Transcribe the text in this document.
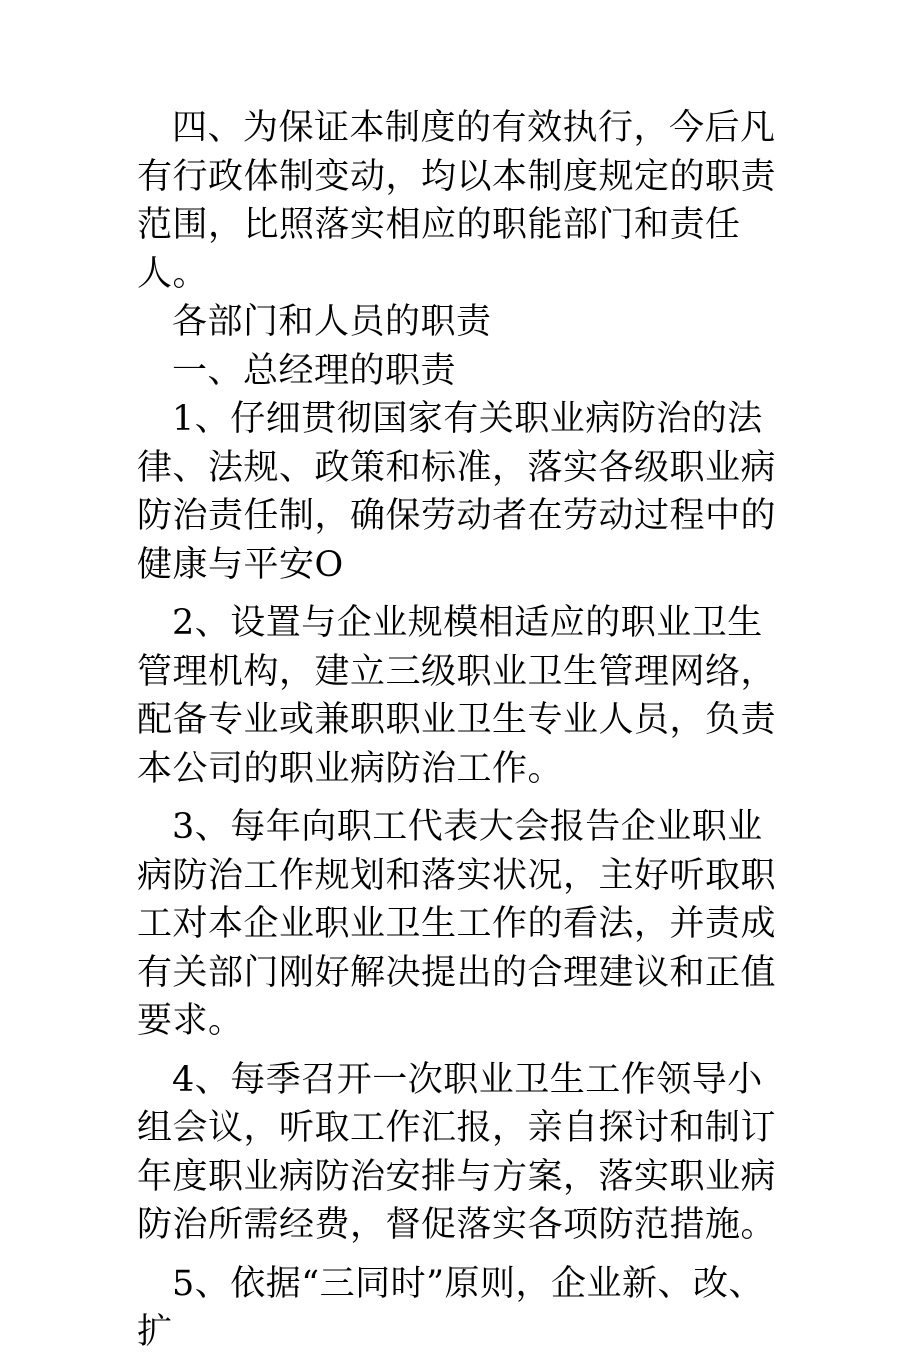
四、为保证本制度的有效执行，今后凡有行政体制变动，均以本制度规定的职责范围，比照落实相应的职能部门和责任人。

各部门和人员的职责

一、总经理的职责

1、仔细贯彻国家有关职业病防治的法律、法规、政策和标准，落实各级职业病防治责任制，确保劳动者在劳动过程中的健康与平安O

2、设置与企业规模相适应的职业卫生管理机构，建立三级职业卫生管理网络，配备专业或兼职职业卫生专业人员，负责本公司的职业病防治工作。

3、每年向职工代表大会报告企业职业病防治工作规划和落实状况，主好听取职工对本企业职业卫生工作的看法，并责成有关部门刚好解决提出的合理建议和正值要求。

4、每季召开一次职业卫生工作领导小组会议，听取工作汇报，亲自探讨和制订年度职业病防治安排与方案，落实职业病防治所需经费，督促落实各项防范措施。

5、依据“三同时”原则，企业新、改、扩
